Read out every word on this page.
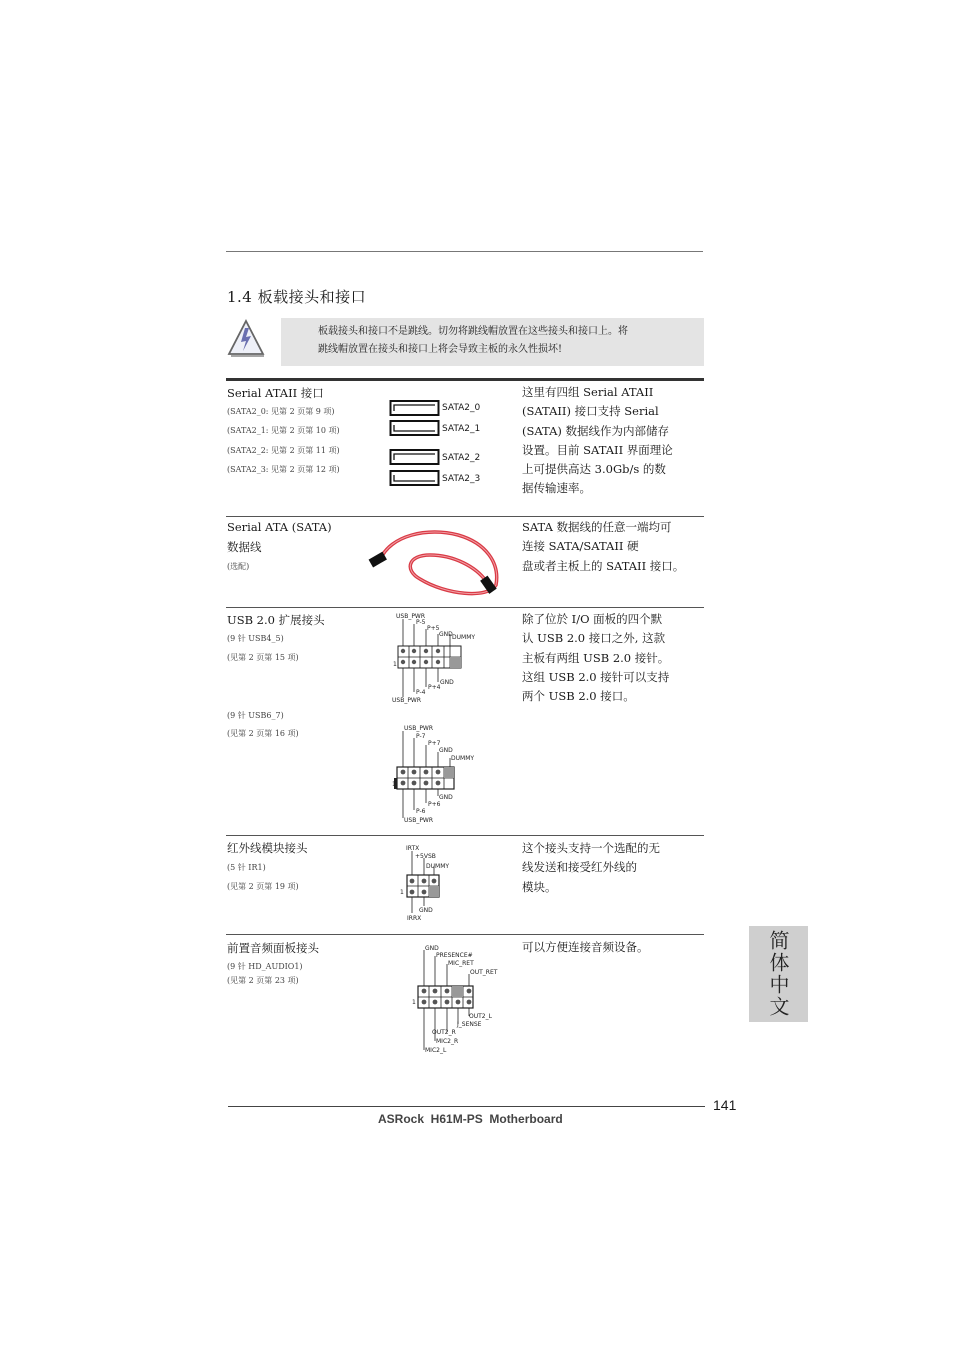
1.4 板载接头和接口
板载接头和接口不是跳线。切勿将跳线帽放置在这些接头和接口上。将
跳线帽放置在接头和接口上将会导致主板的永久性损坏!
Serial ATAII 接口
(SATA2_0: 见第 2 页第 9 项)
(SATA2_1: 见第 2 页第 10 项)
(SATA2_2: 见第 2 页第 11 项)
(SATA2_3: 见第 2 页第 12 项)
SATA2_0
SATA2_1
SATA2_2
SATA2_3
这里有四组 Serial ATAII
(SATAII) 接口支持 Serial
(SATA) 数据线作为内部储存
设置。目前 SATAII 界面理论
上可提供高达 3.0Gb/s 的数
据传输速率。
Serial ATA (SATA)
数据线
(选配)
SATA 数据线的任意一端均可
连接 SATA/SATAII 硬
盘或者主板上的 SATAII 接口。
USB 2.0 扩展接头
(9 针 USB4_5)
(见第 2 页第 15 项)
(9 针 USB6_7)
(见第 2 页第 16 项)
USB_PWR
P-5
P+5
GND DUMMY
1
GND
P+4
P-4
USB_PWR
USB_PWR
P-7
P+7
GND
DUMMY
1
GND
P+6
P-6
USB_PWR
除了位於 I/O 面板的四个默
认 USB 2.0 接口之外, 这款
主板有两组 USB 2.0 接针。
这组 USB 2.0 接针可以支持
两个 USB 2.0 接口。
红外线模块接头
(5 针 IR1)
(见第 2 页第 19 项)
IRTX
+5VSB
DUMMY
1
GND
IRRX
这个接头支持一个选配的无
线发送和接受红外线的
模块。
前置音频面板接头
(9 针 HD_AUDIO1)
(见第 2 页第 23 项)
GND
PRESENCE#
MIC_RET
OUT_RET
1
OUT2_L
J_SENSE
OUT2_R
MIC2_R
MIC2_L
可以方便连接音频设备。	简体中文
141
ASRock  H61M-PS  Motherboard
